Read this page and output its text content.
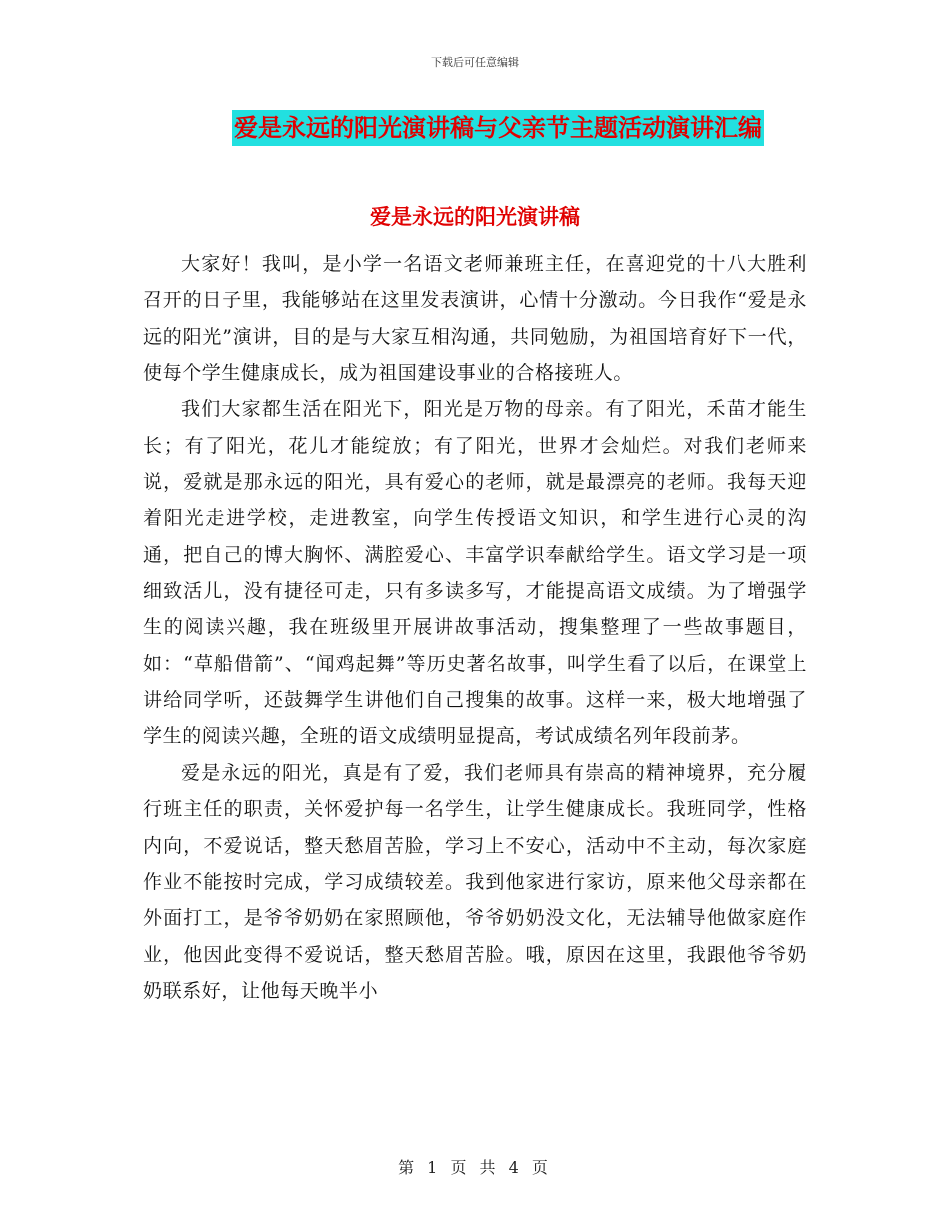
下载后可任意编辑
爱是永远的阳光演讲稿与父亲节主题活动演讲汇编
爱是永远的阳光演讲稿

大家好！我叫，是小学一名语文老师兼班主任，在喜迎党的十八大胜利召开的日子里，我能够站在这里发表演讲，心情十分激动。今日我作“爱是永远的阳光”演讲，目的是与大家互相沟通，共同勉励，为祖国培育好下一代，使每个学生健康成长，成为祖国建设事业的合格接班人。

我们大家都生活在阳光下，阳光是万物的母亲。有了阳光，禾苗才能生长；有了阳光，花儿才能绽放；有了阳光，世界才会灿烂。对我们老师来说，爱就是那永远的阳光，具有爱心的老师，就是最漂亮的老师。我每天迎着阳光走进学校，走进教室，向学生传授语文知识，和学生进行心灵的沟通，把自己的博大胸怀、满腔爱心、丰富学识奉献给学生。语文学习是一项细致活儿，没有捷径可走，只有多读多写，才能提高语文成绩。为了增强学生的阅读兴趣，我在班级里开展讲故事活动，搜集整理了一些故事题目，如：“草船借箭”、“闻鸡起舞”等历史著名故事，叫学生看了以后，在课堂上讲给同学听，还鼓舞学生讲他们自己搜集的故事。这样一来，极大地增强了学生的阅读兴趣，全班的语文成绩明显提高，考试成绩名列年段前茅。

爱是永远的阳光，真是有了爱，我们老师具有崇高的精神境界，充分履行班主任的职责，关怀爱护每一名学生，让学生健康成长。我班同学，性格内向，不爱说话，整天愁眉苦脸，学习上不安心，活动中不主动，每次家庭作业不能按时完成，学习成绩较差。我到他家进行家访，原来他父母亲都在外面打工，是爷爷奶奶在家照顾他，爷爷奶奶没文化，无法辅导他做家庭作业，他因此变得不爱说话，整天愁眉苦脸。哦，原因在这里，我跟他爷爷奶奶联系好，让他每天晚半小

第 1 页 共 4 页
